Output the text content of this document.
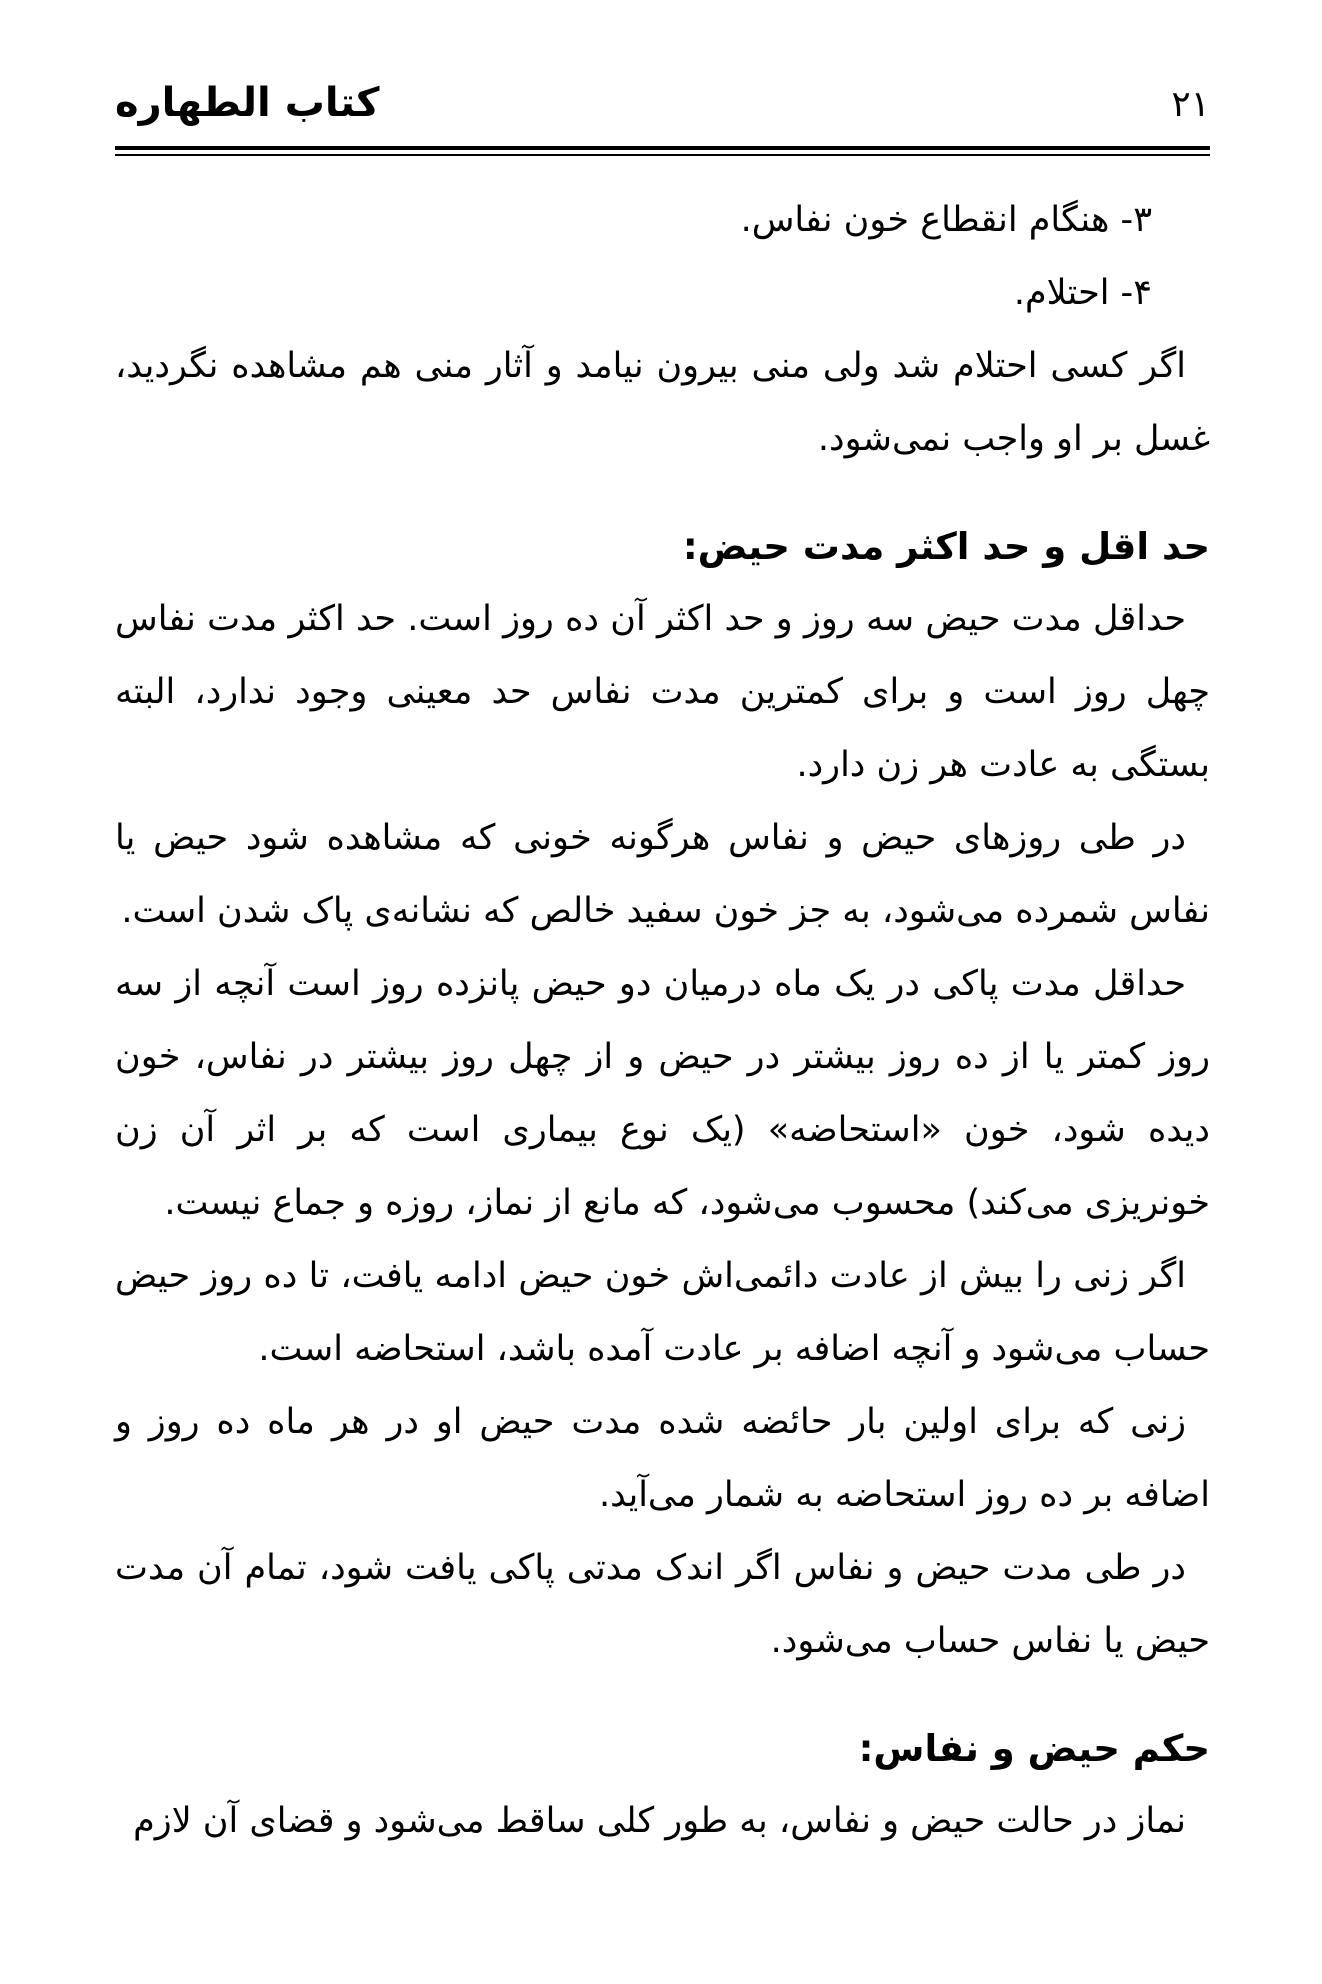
۲۱
كتاب الطهاره
۳- هنگام انقطاع خون نفاس.
۴- احتلام.

اگر کسی احتلام شد ولی منی بیرون نیامد و آثار منی هم مشاهده نگردید، غسل بر او واجب نمی‌شود.

حد اقل و حد اکثر مدت حیض:

حداقل مدت حیض سه روز و حد اکثر آن ده روز است. حد اکثر مدت نفاس چهل روز است و برای کمترین مدت نفاس حد معینی وجود ندارد، البته بستگی به عادت هر زن دارد.

در طی روزهای حیض و نفاس هرگونه خونی که مشاهده شود حیض یا نفاس شمرده می‌شود، به جز خون سفید خالص که نشانه‌ی پاک شدن است.

حداقل مدت پاکی در یک ماه درمیان دو حیض پانزده روز است آنچه از سه روز کمتر یا از ده روز بیشتر در حیض و از چهل روز بیشتر در نفاس، خون دیده شود، خون «استحاضه» (یک نوع بیماری است که بر اثر آن زن خونریزی می‌کند) محسوب می‌شود، که مانع از نماز، روزه و جماع نیست.

اگر زنی را بیش از عادت دائمی‌اش خون حیض ادامه یافت، تا ده روز حیض حساب می‌شود و آنچه اضافه بر عادت آمده باشد، استحاضه است.

زنی که برای اولین بار حائضه شده مدت حیض او در هر ماه ده روز و اضافه بر ده روز استحاضه به شمار می‌آید.

در طی مدت حیض و نفاس اگر اندک مدتی پاکی یافت شود، تمام آن مدت حیض یا نفاس حساب می‌شود.

حکم حیض و نفاس:

نماز در حالت حیض و نفاس، به طور کلی ساقط می‌شود و قضای آن لازم
